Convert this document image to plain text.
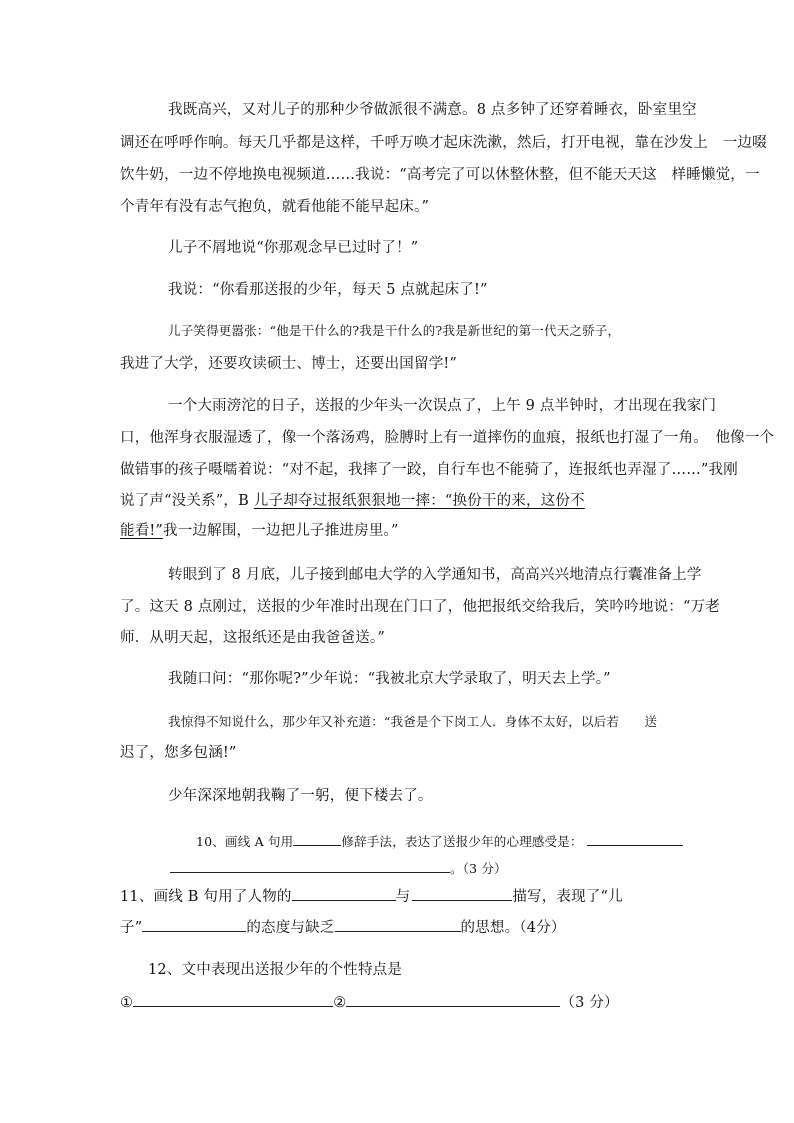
我既高兴，又对儿子的那种少爷做派很不满意。8 点多钟了还穿着睡衣，卧室里空
调还在呼呼作响。每天几乎都是这样，千呼万唤才起床洗漱，然后，打开电视，靠在沙发上　一边啜
饮牛奶，一边不停地换电视频道……我说：“高考完了可以休整休整，但不能天天这　样睡懒觉，一
个青年有没有志气抱负，就看他能不能早起床。”
儿子不屑地说“你那观念早已过时了！”
我说：“你看那送报的少年，每天 5 点就起床了!”
儿子笑得更嚣张：“他是干什么的?我是干什么的?我是新世纪的第一代天之骄子，
我进了大学，还要攻读硕士、博士，还要出国留学!”
一个大雨滂沱的日子，送报的少年头一次误点了，上午 9 点半钟时，才出现在我家门
口，他浑身衣服湿透了，像一个落汤鸡，脸膊时上有一道摔伤的血痕，报纸也打湿了一角。　他像一个
做错事的孩子嗫嚅着说：“对不起，我摔了一跤，自行车也不能骑了，连报纸也弄湿了……”我刚
说了声“没关系”，B 儿子却夺过报纸狠狠地一摔：“换份干的来，这份不
能看!”我一边解围，一边把儿子推进房里。”
转眼到了 8 月底，儿子接到邮电大学的入学通知书，高高兴兴地清点行囊准备上学
了。这天 8 点刚过，送报的少年准时出现在门口了，他把报纸交给我后，笑吟吟地说：“万老
师．从明天起，这报纸还是由我爸爸送。”
我随口问：“那你呢?”少年说：“我被北京大学录取了，明天去上学。”
我惊得不知说什么，那少年又补充道：“我爸是个下岗工人．身体不太好，以后若　　送
迟了，您多包涵!”
少年深深地朝我鞠了一躬，便下楼去了。
10、画线 A 句用	修辞手法，表达了送报少年的心理感受是：
。（3 分）
11、画线 B 句用了人物的	与	描写，表现了“儿
子”	的态度与缺乏	的思想。（4分）
12、文中表现出送报少年的个性特点是
①	②	（3 分）
